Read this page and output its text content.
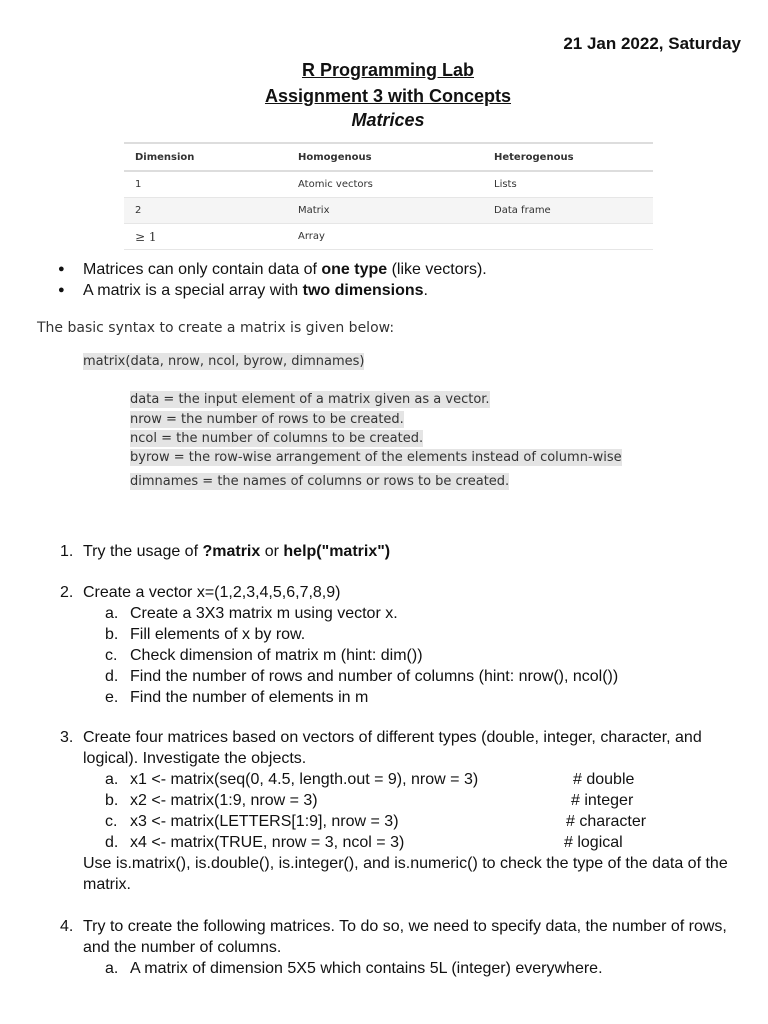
21 Jan 2022, Saturday
R Programming Lab
Assignment 3 with Concepts
Matrices
Dimension	Homogenous	Heterogenous
1	Atomic vectors	Lists
2	Matrix	Data frame
≥ 1	Array	
● Matrices can only contain data of one type (like vectors).
● A matrix is a special array with two dimensions.
The basic syntax to create a matrix is given below:
matrix(data, nrow, ncol, byrow, dimnames)
data = the input element of a matrix given as a vector.
nrow = the number of rows to be created.
ncol = the number of columns to be created.
byrow = the row-wise arrangement of the elements instead of column-wise
dimnames = the names of columns or rows to be created.
1. Try the usage of ?matrix or help("matrix")
2. Create a vector x=(1,2,3,4,5,6,7,8,9)
a. Create a 3X3 matrix m using vector x.
b. Fill elements of x by row.
c. Check dimension of matrix m (hint: dim())
d. Find the number of rows and number of columns (hint: nrow(), ncol())
e. Find the number of elements in m
3. Create four matrices based on vectors of different types (double, integer, character, and logical). Investigate the objects.
a. x1 <- matrix(seq(0, 4.5, length.out = 9), nrow = 3)	# double
b. x2 <- matrix(1:9, nrow = 3)	# integer
c. x3 <- matrix(LETTERS[1:9], nrow = 3)	# character
d. x4 <- matrix(TRUE, nrow = 3, ncol = 3)	# logical
Use is.matrix(), is.double(), is.integer(), and is.numeric() to check the type of the data of the matrix.
4. Try to create the following matrices. To do so, we need to specify data, the number of rows, and the number of columns.
a. A matrix of dimension 5X5 which contains 5L (integer) everywhere.
